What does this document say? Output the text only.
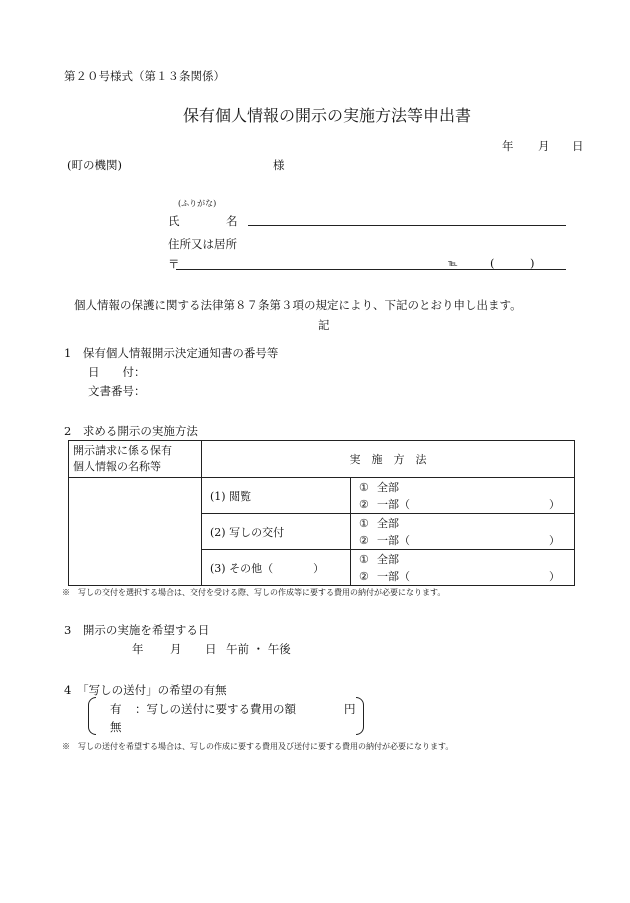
第２０号様式（第１３条関係）
保有個人情報の開示の実施方法等申出書
年 月 日
(町の機関)	様
(ふりがな)
氏	名
住所又は居所
〒	℡	(	)
個人情報の保護に関する法律第８７条第３項の規定により、下記のとおり申し出ます。
記
1　保有個人情報開示決定通知書の番号等
日　　付：
文書番号：
2　求める開示の実施方法
開示請求に係る保有
個人情報の名称等	実　施　方　法	
	(1) 閲覧	① 全部
② 一部（ ）

	(2) 写しの交付	① 全部
② 一部（ ）

	(3) その他（ ）	① 全部
② 一部（ ）
※　写しの交付を選択する場合は、交付を受ける際、写しの作成等に要する費用の納付が必要になります。
3　開示の実施を希望する日
年 月 日 午前 ・ 午後
4　「写しの送付」の希望の有無
有 ：写しの送付に要する費用の額	円
無
※　写しの送付を希望する場合は、写しの作成に要する費用及び送付に要する費用の納付が必要になります。
